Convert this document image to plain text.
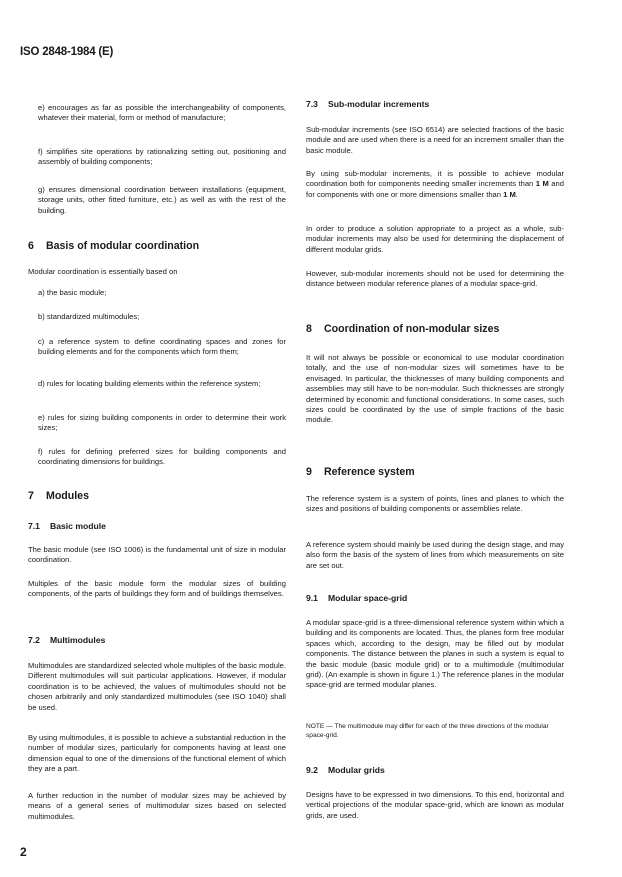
ISO 2848-1984 (E)

e) encourages as far as possible the interchangeability of components, whatever their material, form or method of manufacture;

f) simplifies site operations by rationalizing setting out, positioning and assembly of building components;

g) ensures dimensional coordination between installations (equipment, storage units, other fitted furniture, etc.) as well as with the rest of the building.

6 Basis of modular coordination

Modular coordination is essentially based on

a) the basic module;

b) standardized multimodules;

c) a reference system to define coordinating spaces and zones for building elements and for the components which form them;

d) rules for locating building elements within the reference system;

e) rules for sizing building components in order to determine their work sizes;

f) rules for defining preferred sizes for building components and coordinating dimensions for buildings.

7 Modules
7.1 Basic module

The basic module (see ISO 1006) is the fundamental unit of size in modular coordination.

Multiples of the basic module form the modular sizes of building components, of the parts of buildings they form and of buildings themselves.

7.2 Multimodules

Multimodules are standardized selected whole multiples of the basic module. Different multimodules will suit particular applications. However, if modular coordination is to be achieved, the values of multimodules should not be chosen arbitrarily and only standardized multimodules (see ISO 1040) shall be used.

By using multimodules, it is possible to achieve a substantial reduction in the number of modular sizes, particularly for components having at least one dimension equal to one of the dimensions of the functional element of which they are a part.

A further reduction in the number of modular sizes may be achieved by means of a general series of multimodular sizes based on selected multimodules.

7.3 Sub-modular increments

Sub-modular increments (see ISO 6514) are selected fractions of the basic module and are used when there is a need for an increment smaller than the basic module.

By using sub-modular increments, it is possible to achieve modular coordination both for components needing smaller increments than 1 M and for components with one or more dimensions smaller than 1 M.

In order to produce a solution appropriate to a project as a whole, sub-modular increments may also be used for determining the displacement of different modular grids.

However, sub-modular increments should not be used for determining the distance between modular reference planes of a modular space-grid.

8 Coordination of non-modular sizes

It will not always be possible or economical to use modular coordination totally, and the use of non-modular sizes will sometimes have to be envisaged. In particular, the thicknesses of many building components and assemblies may still have to be non-modular. Such thicknesses are strongly determined by economic and functional considerations. In some cases, such sizes could be coordinated by the use of simple fractions of the basic module.

9 Reference system

The reference system is a system of points, lines and planes to which the sizes and positions of building components or assemblies relate.

A reference system should mainly be used during the design stage, and may also form the basis of the system of lines from which measurements on site are set out.

9.1 Modular space-grid

A modular space-grid is a three-dimensional reference system within which a building and its components are located. Thus, the planes form free modular spaces which, according to the design, may be filled out by modular components. The distance between the planes in such a system is equal to the basic module (basic module grid) or to a multimodule (multimodular grid). (An example is shown in figure 1.) The reference planes in the modular space-grid are termed modular planes.

NOTE — The multimodule may differ for each of the three directions of the modular space-grid.

9.2 Modular grids

Designs have to be expressed in two dimensions. To this end, horizontal and vertical projections of the modular space-grid, which are known as modular grids, are used.

2
